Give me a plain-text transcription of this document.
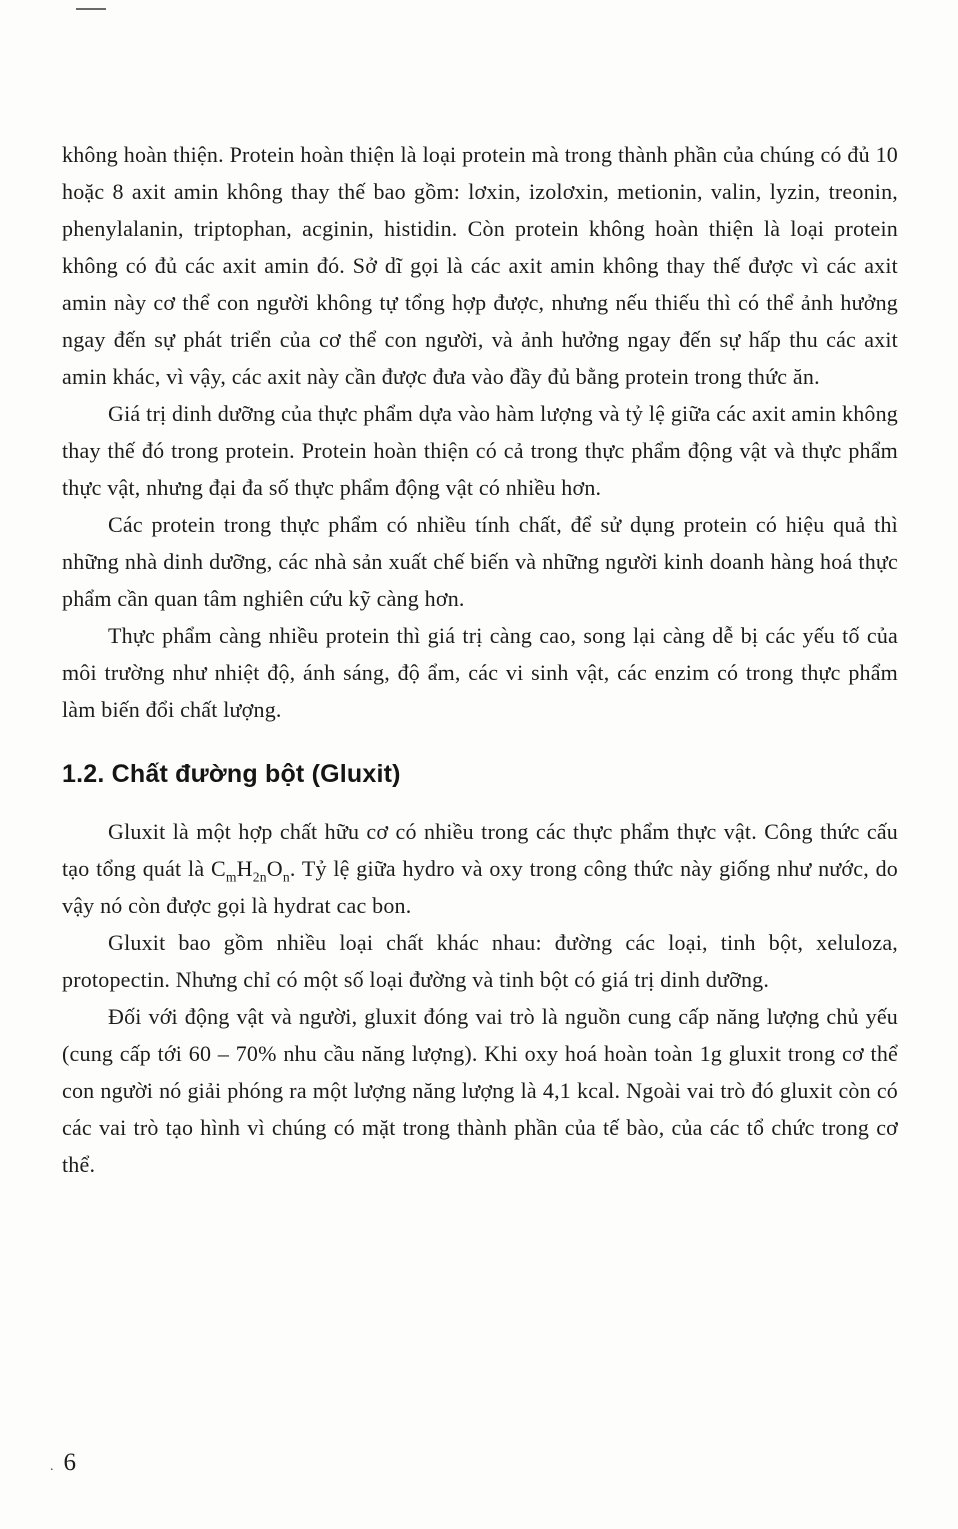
không hoàn thiện. Protein hoàn thiện là loại protein mà trong thành phần của chúng có đủ 10 hoặc 8 axit amin không thay thế bao gồm: lơxin, izolơxin, metionin, valin, lyzin, treonin, phenylalanin, triptophan, acginin, histidin. Còn protein không hoàn thiện là loại protein không có đủ các axit amin đó. Sở dĩ gọi là các axit amin không thay thế được vì các axit amin này cơ thể con người không tự tổng hợp được, nhưng nếu thiếu thì có thể ảnh hưởng ngay đến sự phát triển của cơ thể con người, và ảnh hưởng ngay đến sự hấp thu các axit amin khác, vì vậy, các axit này cần được đưa vào đầy đủ bằng protein trong thức ăn.

Giá trị dinh dưỡng của thực phẩm dựa vào hàm lượng và tỷ lệ giữa các axit amin không thay thế đó trong protein. Protein hoàn thiện có cả trong thực phẩm động vật và thực phẩm thực vật, nhưng đại đa số thực phẩm động vật có nhiều hơn.

Các protein trong thực phẩm có nhiều tính chất, để sử dụng protein có hiệu quả thì những nhà dinh dưỡng, các nhà sản xuất chế biến và những người kinh doanh hàng hoá thực phẩm cần quan tâm nghiên cứu kỹ càng hơn.

Thực phẩm càng nhiều protein thì giá trị càng cao, song lại càng dễ bị các yếu tố của môi trường như nhiệt độ, ánh sáng, độ ẩm, các vi sinh vật, các enzim có trong thực phẩm làm biến đổi chất lượng.

1.2. Chất đường bột (Gluxit)

Gluxit là một hợp chất hữu cơ có nhiều trong các thực phẩm thực vật. Công thức cấu tạo tổng quát là $C_mH_{2n}O_n$. Tỷ lệ giữa hydro và oxy trong công thức này giống như nước, do vậy nó còn được gọi là hydrat cac bon.

Gluxit bao gồm nhiều loại chất khác nhau: đường các loại, tinh bột, xeluloza, protopectin. Nhưng chỉ có một số loại đường và tinh bột có giá trị dinh dưỡng.

Đối với động vật và người, gluxit đóng vai trò là nguồn cung cấp năng lượng chủ yếu (cung cấp tới 60 – 70% nhu cầu năng lượng). Khi oxy hoá hoàn toàn 1g gluxit trong cơ thể con người nó giải phóng ra một lượng năng lượng là 4,1 kcal. Ngoài vai trò đó gluxit còn có các vai trò tạo hình vì chúng có mặt trong thành phần của tế bào, của các tổ chức trong cơ thể.

. 6
